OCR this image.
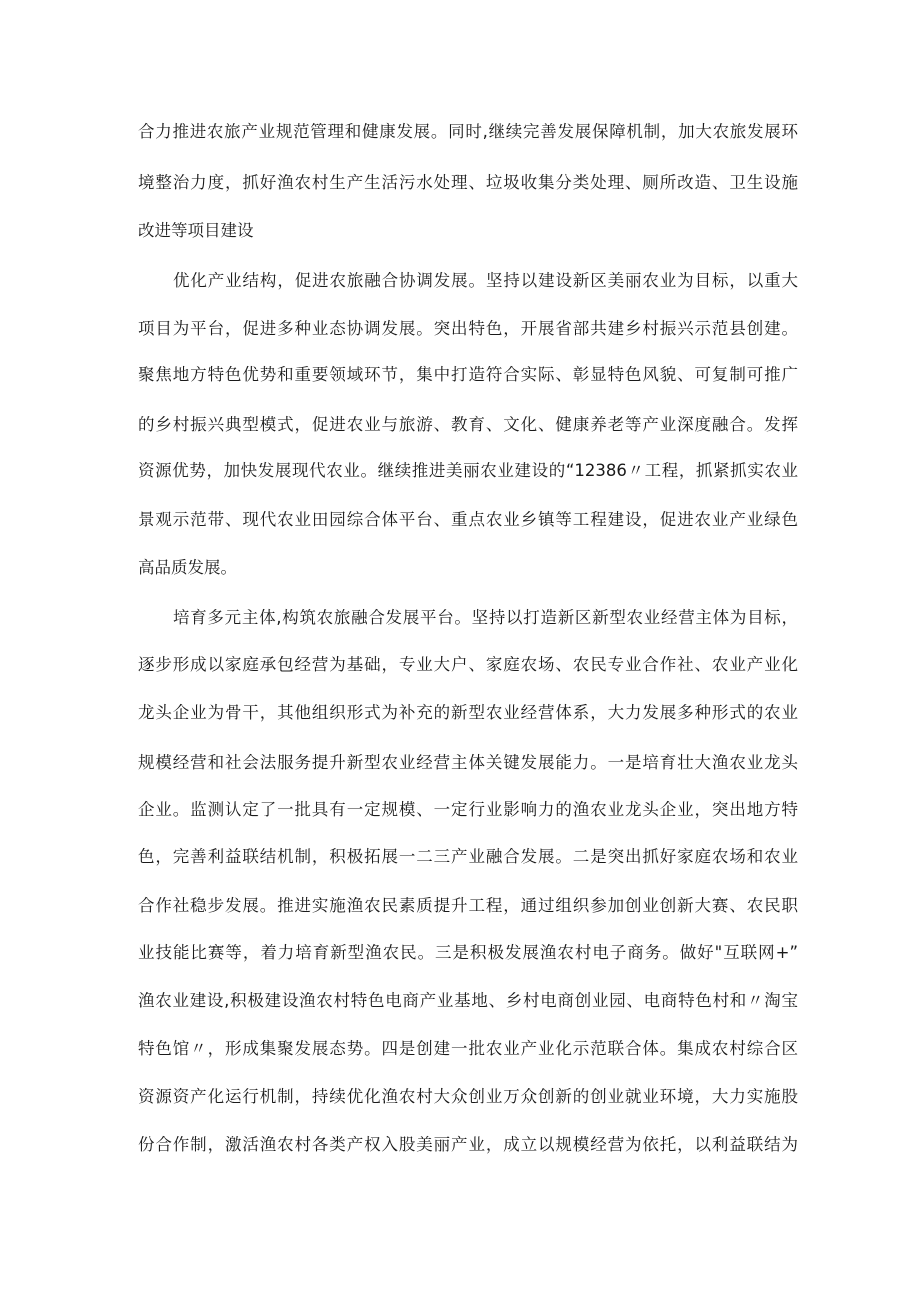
合力推进农旅产业规范管理和健康发展。同时,继续完善发展保障机制，加大农旅发展环
境整治力度，抓好渔农村生产生活污水处理、垃圾收集分类处理、厕所改造、卫生设施
改进等项目建设
优化产业结构，促进农旅融合协调发展。坚持以建设新区美丽农业为目标，以重大
项目为平台，促进多种业态协调发展。突出特色，开展省部共建乡村振兴示范县创建。
聚焦地方特色优势和重要领域环节，集中打造符合实际、彰显特色风貌、可复制可推广
的乡村振兴典型模式，促进农业与旅游、教育、文化、健康养老等产业深度融合。发挥
资源优势，加快发展现代农业。继续推进美丽农业建设的“12386〃工程，抓紧抓实农业
景观示范带、现代农业田园综合体平台、重点农业乡镇等工程建设，促进农业产业绿色
高品质发展。
培育多元主体,构筑农旅融合发展平台。坚持以打造新区新型农业经营主体为目标，
逐步形成以家庭承包经营为基础，专业大户、家庭农场、农民专业合作社、农业产业化
龙头企业为骨干，其他组织形式为补充的新型农业经营体系，大力发展多种形式的农业
规模经营和社会法服务提升新型农业经营主体关键发展能力。一是培育壮大渔农业龙头
企业。监测认定了一批具有一定规模、一定行业影响力的渔农业龙头企业，突出地方特
色，完善利益联结机制，积极拓展一二三产业融合发展。二是突出抓好家庭农场和农业
合作社稳步发展。推进实施渔农民素质提升工程，通过组织参加创业创新大赛、农民职
业技能比赛等，着力培育新型渔农民。三是积极发展渔农村电子商务。做好"互联网+”
渔农业建设,积极建设渔农村特色电商产业基地、乡村电商创业园、电商特色村和〃淘宝
特色馆〃，形成集聚发展态势。四是创建一批农业产业化示范联合体。集成农村综合区
资源资产化运行机制，持续优化渔农村大众创业万众创新的创业就业环境，大力实施股
份合作制，激活渔农村各类产权入股美丽产业，成立以规模经营为依托，以利益联结为
